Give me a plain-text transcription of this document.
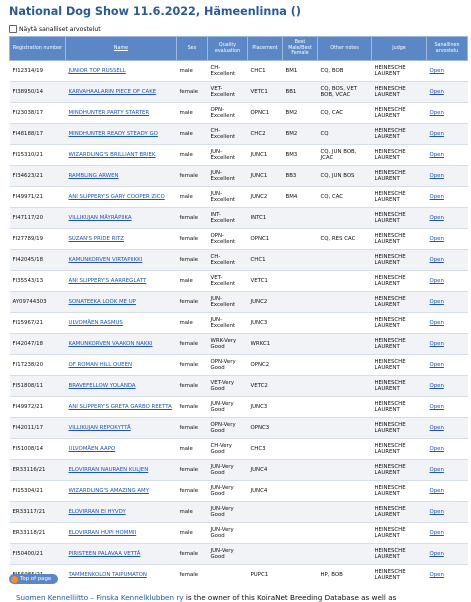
National Dog Show 11.6.2022, Hämeenlinna ()
Näytä sanalliset arvostelut
Registration number	Name	Sex	Quality evaluation	Placement	Best Male/Best Female	Other notes	Judge	Sanallinen arvostelu
FI12314/19	JUNIOR TOP RUSSELL	male	CH-Excellent	CHC1	BM1	CQ, BOB	HEINESCHE LAURENT	Open
FI38950/14	KARVAHAALARIN PIECE OF CAKE	female	VET-Excellent	VETC1	BB1	CQ, BOS, VET BOB, VCAC	HEINESCHE LAURENT	Open
FI23038/17	MINDHUNTER PARTY STARTER	male	OPN-Excellent	OPNC1	BM2	CQ, CAC	HEINESCHE LAURENT	Open
FI48188/17	MINDHUNTER READY STEADY GO	male	CH-Excellent	CHC2	BM2	CQ	HEINESCHE LAURENT	Open
FI15310/21	WIZARDLING'S BRILLIANT BRIEK	male	JUN-Excellent	JUNC1	BM3	CQ, JUN BOB, JCAC	HEINESCHE LAURENT	Open
FI34623/21	RAMBLING ARWEN	female	JUN-Excellent	JUNC1	BB3	CQ, JUN BOS	HEINESCHE LAURENT	Open
FI49971/21	ANI SLIPPERY'S GARY COOPER ZICO	male	JUN-Excellent	JUNC2	BM4	CQ, CAC	HEINESCHE LAURENT	Open
FI47117/20	VILLIKUJAN MÄYRÄPIIKA	female	INT-Excellent	INTC1			HEINESCHE LAURENT	Open
FI27789/19	SUZAN'S PRIDE RITZ	female	OPN-Excellent	OPNC1		CQ, RES CAC	HEINESCHE LAURENT	Open
FI42045/18	KAMUNKORVEN VIRTAPIIKKI	female	CH-Excellent	CHC1			HEINESCHE LAURENT	Open
FI35543/13	ANI SLIPPERY'S AARREGLATT	male	VET-Excellent	VETC1			HEINESCHE LAURENT	Open
AY09744303	SONATEEKA LOOK ME UP	female	JUN-Excellent	JUNC2			HEINESCHE LAURENT	Open
FI15967/21	ULVOMÄEN RASMUS	male	JUN-Excellent	JUNC3			HEINESCHE LAURENT	Open
FI42047/18	KAMUNKORVEN VAAKON NAKKI	female	WRK-Very Good	WRKC1			HEINESCHE LAURENT	Open
FI17238/20	OF ROMAN HILL QUEEN	female	OPN-Very Good	OPNC2			HEINESCHE LAURENT	Open
FI51808/11	BRAVEFELLOW YOLANDA	female	VET-Very Good	VETC2			HEINESCHE LAURENT	Open
FI49972/21	ANI SLIPPERY'S GRETA GARBO REETTA	female	JUN-Very Good	JUNC3			HEINESCHE LAURENT	Open
FI42011/17	VILLIKUJAN REPOKYTTÄ	female	OPN-Very Good	OPNC3			HEINESCHE LAURENT	Open
FI51008/14	ULVOMÄEN AAPO	male	CH-Very Good	CHC3			HEINESCHE LAURENT	Open
ER33116/21	ELOVIRRAN NAURAEN KULJEN	female	JUN-Very Good	JUNC4			HEINESCHE LAURENT	Open
FI15304/21	WIZARDLING'S AMAZING AMY	female	JUN-Very Good	JUNC4			HEINESCHE LAURENT	Open
ER33117/21	ELOVIRRAN EI HYVDY	male	JUN-Very Good				HEINESCHE LAURENT	Open
ER33118/21	ELOVIRRAN HUPI HOMMII	male	JUN-Very Good				HEINESCHE LAURENT	Open
FI50400/21	PIRISTEEN PALAVAA VETTÄ	female	JUN-Very Good				HEINESCHE LAURENT	Open
	TAMMENKOLON TAIPUMATON	female		PUPC1		HP, BOB	HEINESCHE LAURENT	Open
Top of page
Suomen Kennelliitto – Finska Kennelklubben ry is the owner of this KoiraNet Breeding Database as well as
